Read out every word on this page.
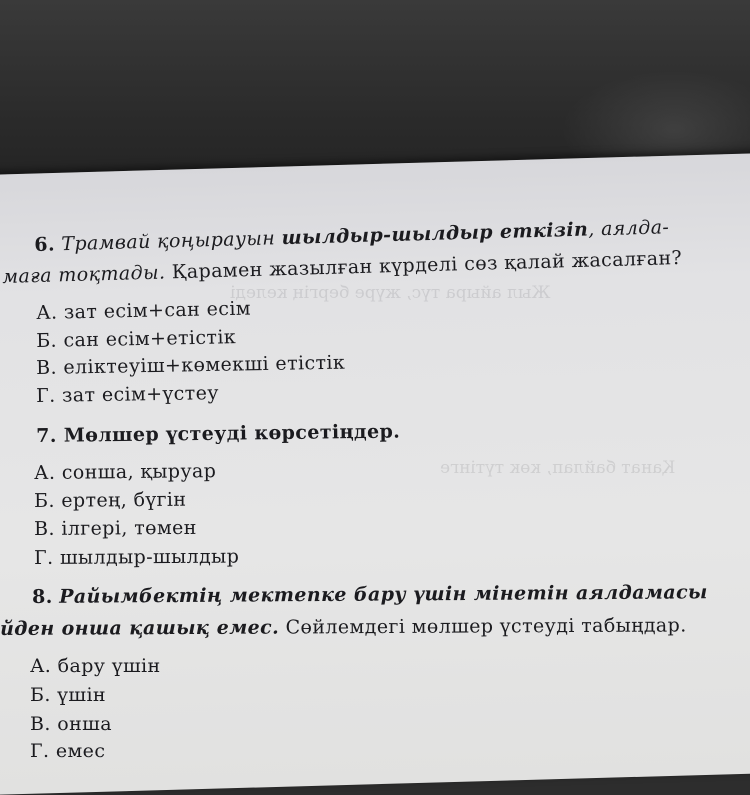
Жыл айыра түс, жүре бергің келеді
Қанат байлап, көк түтінге
6. Трамвай қоңырауын шылдыр-шылдыр еткізіп, аялда-
маға тоқтады. Қарамен жазылған күрделі сөз қалай жасалған?
А. зат есім+сан есім
Б. сан есім+етістік
В. еліктеуіш+көмекші етістік
Г. зат есім+үстеу
7. Мөлшер үстеуді көрсетіңдер.
А. сонша, қыруар
Б. ертең, бүгін
В. ілгері, төмен
Г. шылдыр-шылдыр
8. Райымбектің мектепке бару үшін мінетін аялдамасы
йден онша қашық емес. Сөйлемдегі мөлшер үстеуді табыңдар.
А. бару үшін
Б. үшін
В. онша
Г. емес
